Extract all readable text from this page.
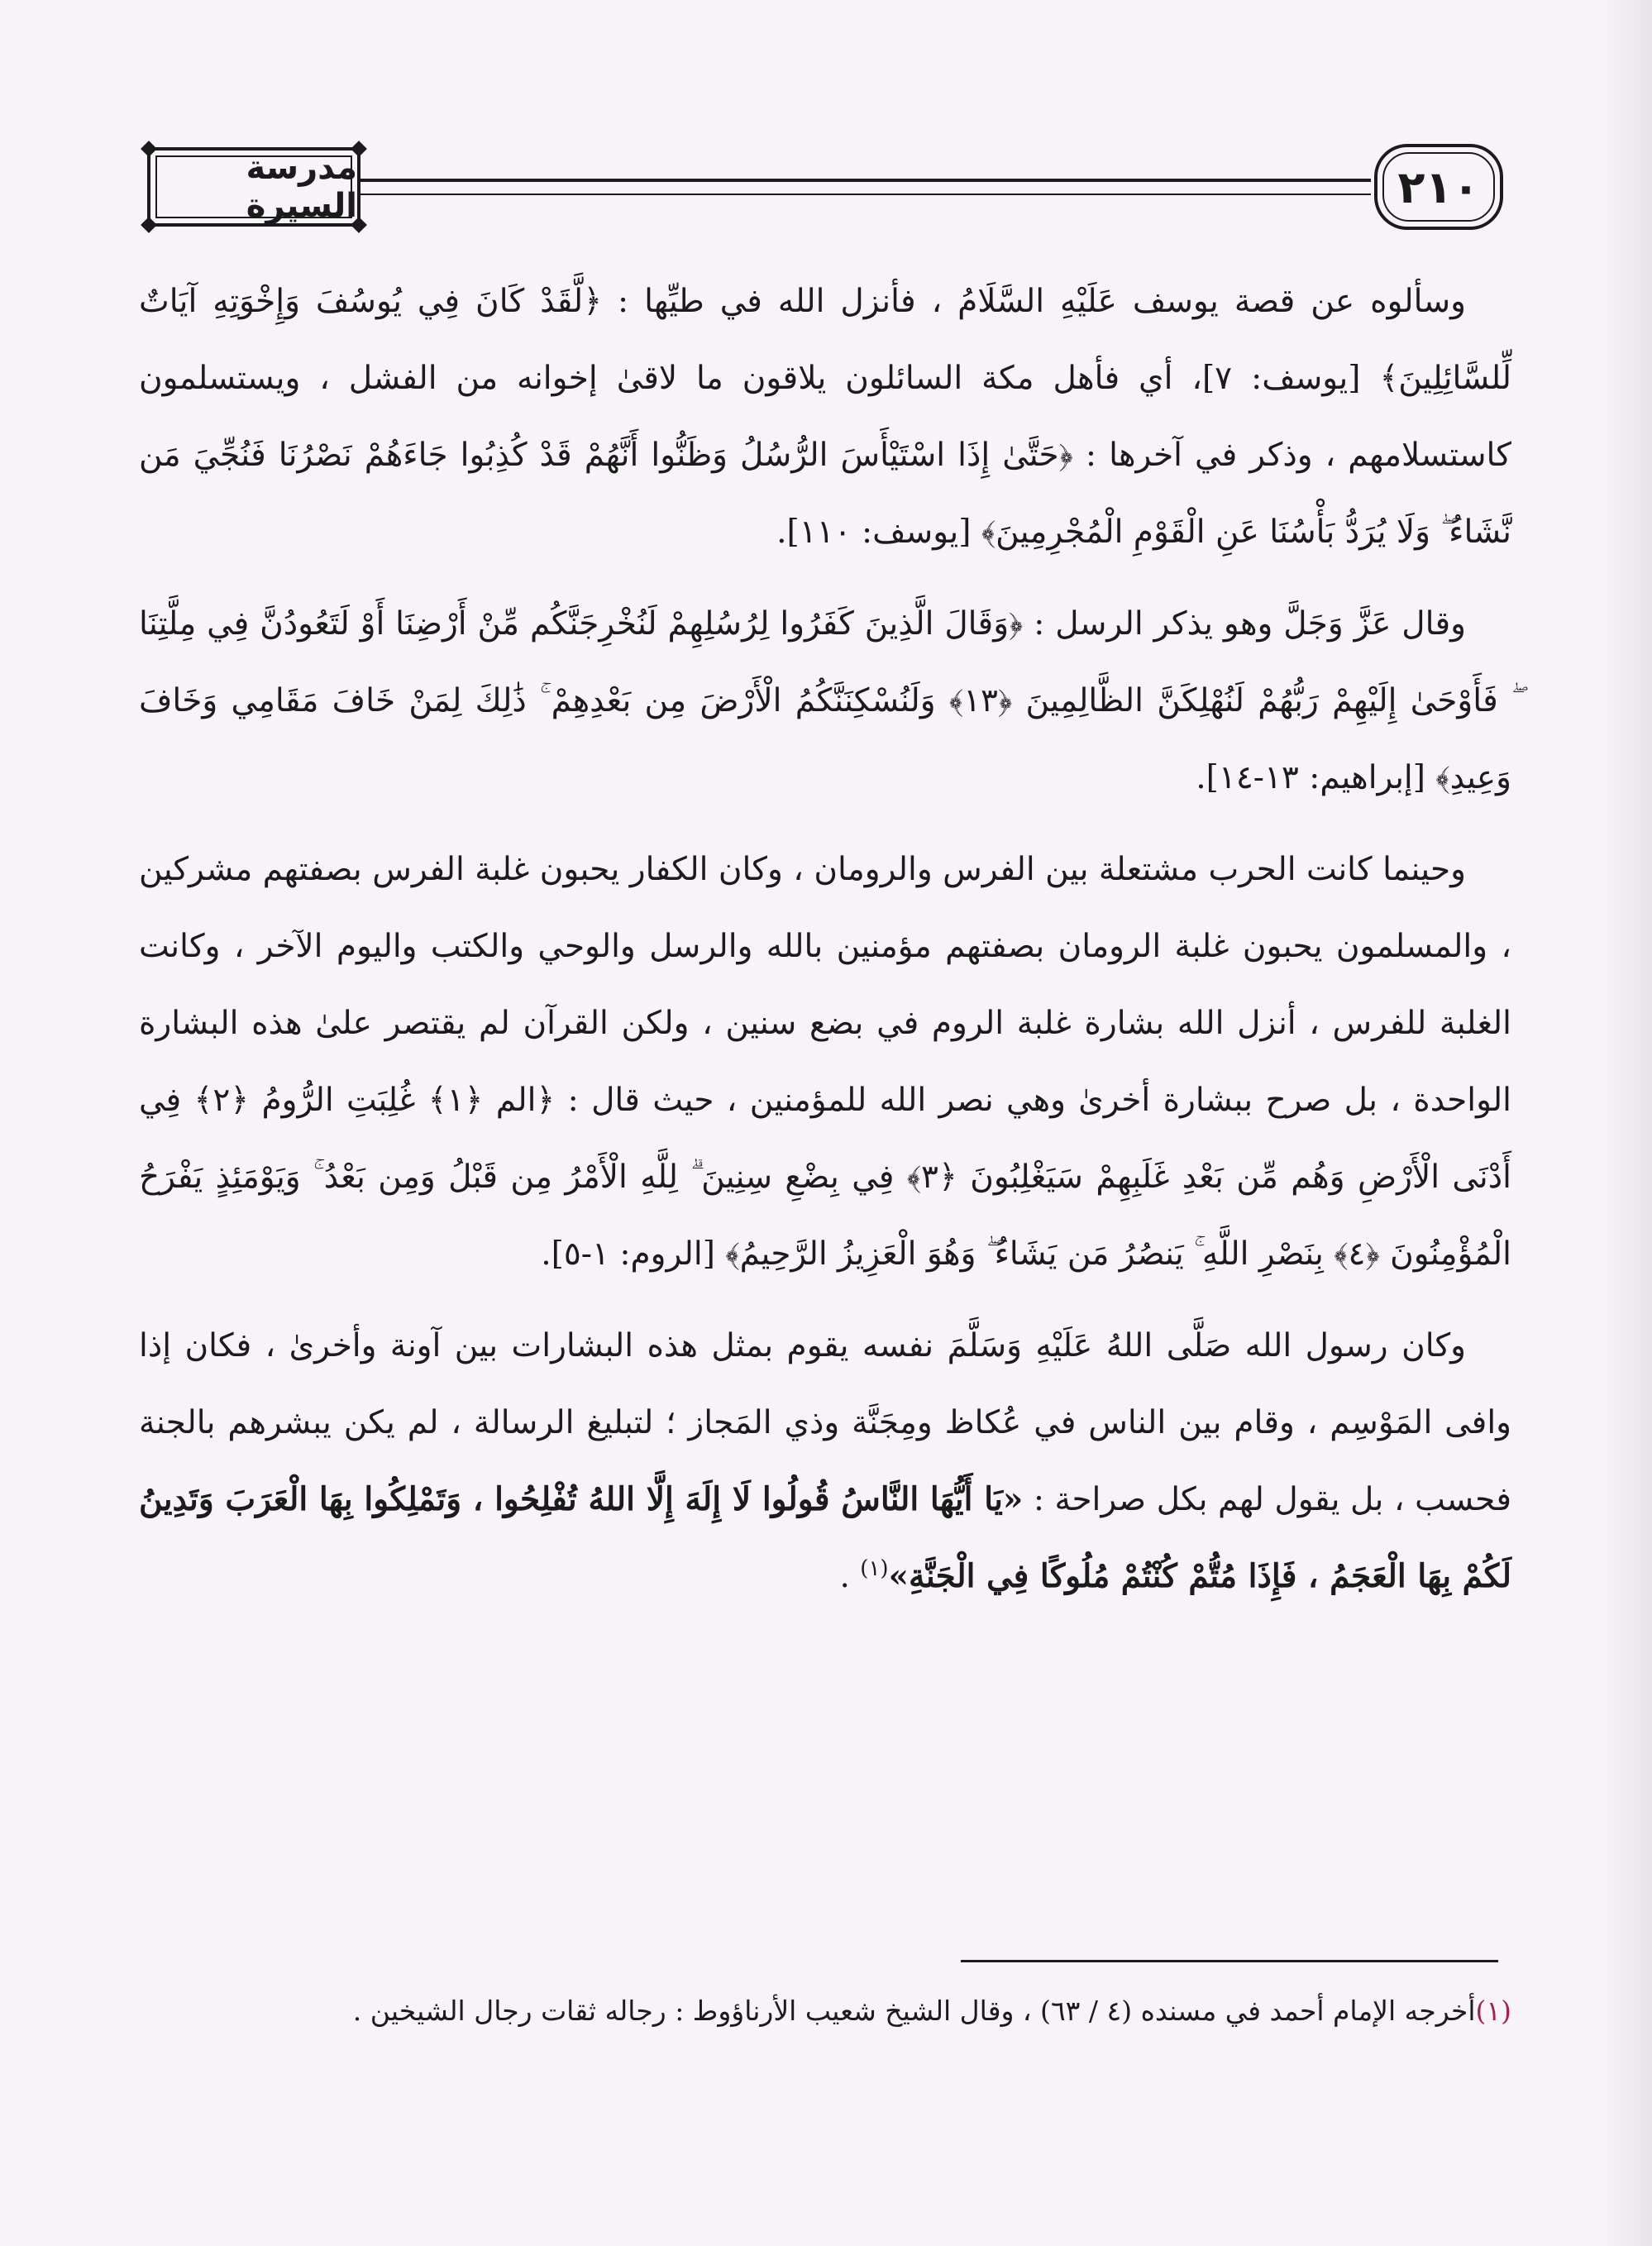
مدرسة السيرة	٢١٠

وسألوه عن قصة يوسف عَلَيْهِ السَّلَامُ ، فأنزل الله في طيِّها : ﴿لَّقَدْ كَانَ فِي يُوسُفَ وَإِخْوَتِهِ آيَاتٌ لِّلسَّائِلِينَ﴾ [يوسف: ٧]، أي فأهل مكة السائلون يلاقون ما لاقىٰ إخوانه من الفشل ، ويستسلمون كاستسلامهم ، وذكر في آخرها : ﴿حَتَّىٰ إِذَا اسْتَيْأَسَ الرُّسُلُ وَظَنُّوا أَنَّهُمْ قَدْ كُذِبُوا جَاءَهُمْ نَصْرُنَا فَنُجِّيَ مَن نَّشَاءُ ۖ وَلَا يُرَدُّ بَأْسُنَا عَنِ الْقَوْمِ الْمُجْرِمِينَ﴾ [يوسف: ١١٠].

وقال عَزَّ وَجَلَّ وهو يذكر الرسل : ﴿وَقَالَ الَّذِينَ كَفَرُوا لِرُسُلِهِمْ لَنُخْرِجَنَّكُم مِّنْ أَرْضِنَا أَوْ لَتَعُودُنَّ فِي مِلَّتِنَا ۖ فَأَوْحَىٰ إِلَيْهِمْ رَبُّهُمْ لَنُهْلِكَنَّ الظَّالِمِينَ ﴿١٣﴾ وَلَنُسْكِنَنَّكُمُ الْأَرْضَ مِن بَعْدِهِمْ ۚ ذَٰلِكَ لِمَنْ خَافَ مَقَامِي وَخَافَ وَعِيدِ﴾ [إبراهيم: ١٣-١٤].

وحينما كانت الحرب مشتعلة بين الفرس والرومان ، وكان الكفار يحبون غلبة الفرس بصفتهم مشركين ، والمسلمون يحبون غلبة الرومان بصفتهم مؤمنين بالله والرسل والوحي والكتب واليوم الآخر ، وكانت الغلبة للفرس ، أنزل الله بشارة غلبة الروم في بضع سنين ، ولكن القرآن لم يقتصر علىٰ هذه البشارة الواحدة ، بل صرح ببشارة أخرىٰ وهي نصر الله للمؤمنين ، حيث قال : ﴿الم ﴿١﴾ غُلِبَتِ الرُّومُ ﴿٢﴾ فِي أَدْنَى الْأَرْضِ وَهُم مِّن بَعْدِ غَلَبِهِمْ سَيَغْلِبُونَ ﴿٣﴾ فِي بِضْعِ سِنِينَ ۗ لِلَّهِ الْأَمْرُ مِن قَبْلُ وَمِن بَعْدُ ۚ وَيَوْمَئِذٍ يَفْرَحُ الْمُؤْمِنُونَ ﴿٤﴾ بِنَصْرِ اللَّهِ ۚ يَنصُرُ مَن يَشَاءُ ۖ وَهُوَ الْعَزِيزُ الرَّحِيمُ﴾ [الروم: ١-٥].

وكان رسول الله صَلَّى اللهُ عَلَيْهِ وَسَلَّمَ نفسه يقوم بمثل هذه البشارات بين آونة وأخرىٰ ، فكان إذا وافى المَوْسِم ، وقام بين الناس في عُكاظ ومِجَنَّة وذي المَجاز ؛ لتبليغ الرسالة ، لم يكن يبشرهم بالجنة فحسب ، بل يقول لهم بكل صراحة : «يَا أَيُّهَا النَّاسُ قُولُوا لَا إِلَهَ إِلَّا اللهُ تُفْلِحُوا ، وَتَمْلِكُوا بِهَا الْعَرَبَ وَتَدِينُ لَكُمْ بِهَا الْعَجَمُ ، فَإِذَا مُتُّمْ كُنْتُمْ مُلُوكًا فِي الْجَنَّةِ»$^{(١)}$ .

(١)أخرجه الإمام أحمد في مسنده (٤ / ٦٣) ، وقال الشيخ شعيب الأرناؤوط : رجاله ثقات رجال الشيخين .
